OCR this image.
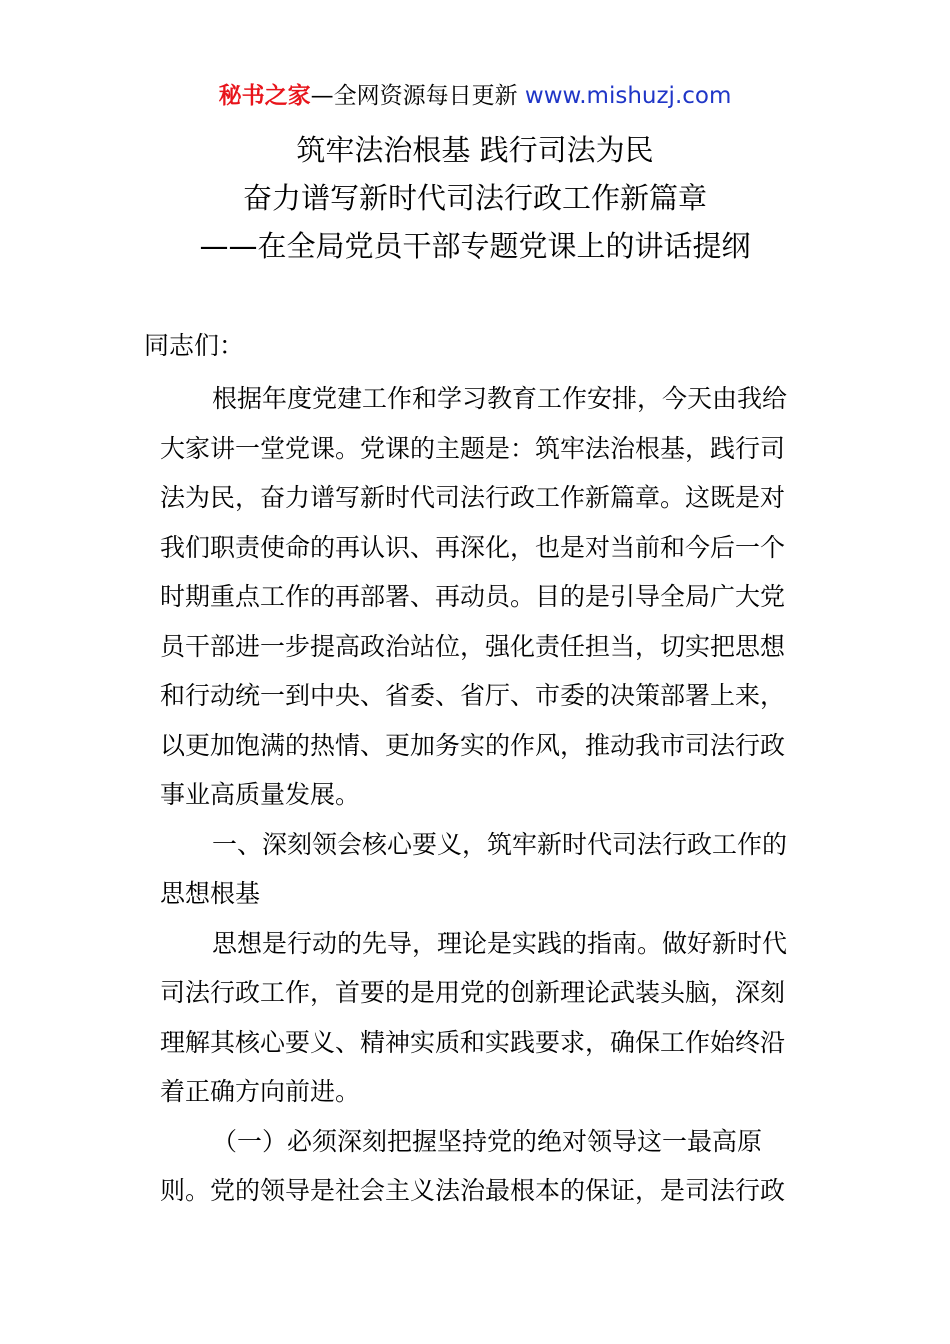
秘书之家—全网资源每日更新 www.mishuzj.com
筑牢法治根基 践行司法为民
奋力谱写新时代司法行政工作新篇章
——在全局党员干部专题党课上的讲话提纲
同志们：
根据年度党建工作和学习教育工作安排，今天由我给
大家讲一堂党课。党课的主题是：筑牢法治根基，践行司
法为民，奋力谱写新时代司法行政工作新篇章。这既是对
我们职责使命的再认识、再深化，也是对当前和今后一个
时期重点工作的再部署、再动员。目的是引导全局广大党
员干部进一步提高政治站位，强化责任担当，切实把思想
和行动统一到中央、省委、省厅、市委的决策部署上来，
以更加饱满的热情、更加务实的作风，推动我市司法行政
事业高质量发展。
一、深刻领会核心要义，筑牢新时代司法行政工作的
思想根基
思想是行动的先导，理论是实践的指南。做好新时代
司法行政工作，首要的是用党的创新理论武装头脑，深刻
理解其核心要义、精神实质和实践要求，确保工作始终沿
着正确方向前进。
（一）必须深刻把握坚持党的绝对领导这一最高原
则。党的领导是社会主义法治最根本的保证，是司法行政
